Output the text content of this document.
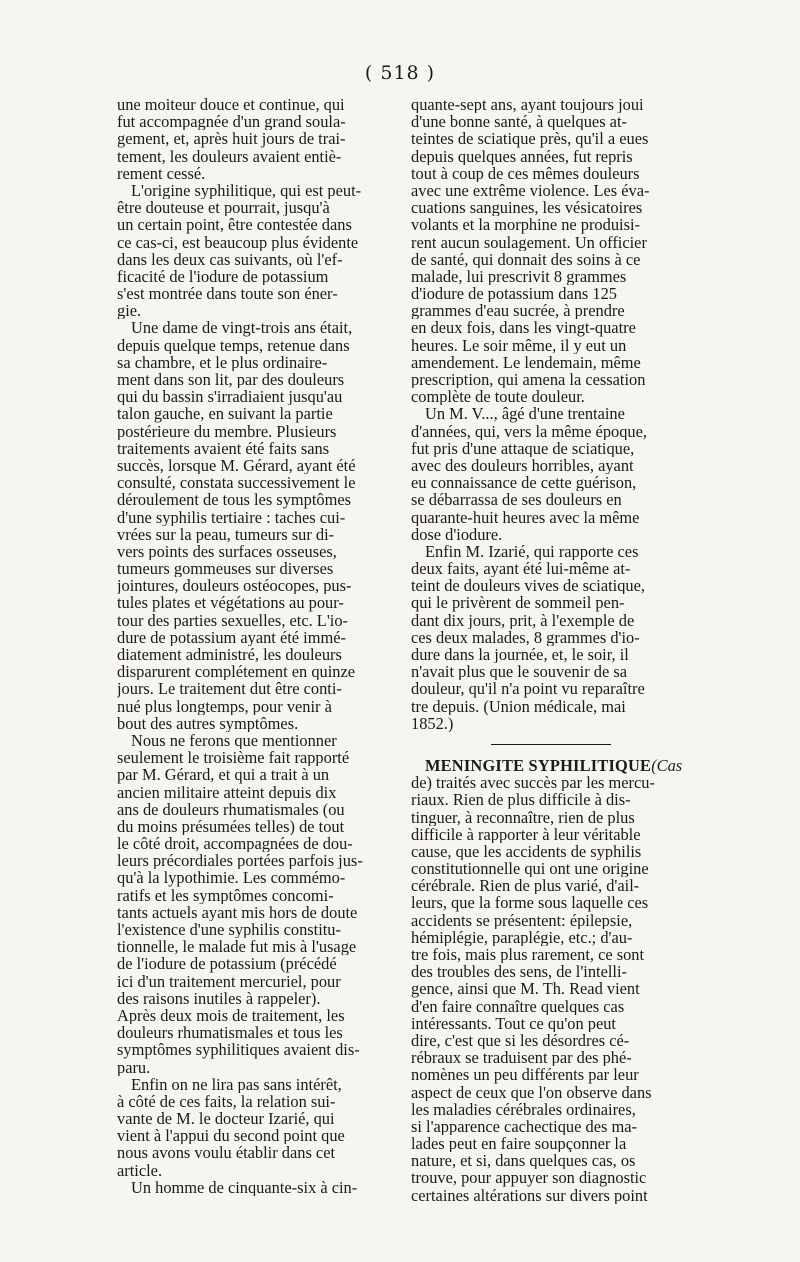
( 518 )
une moiteur douce et continue, qui
fut accompagnée d'un grand soula-
gement, et, après huit jours de trai-
tement, les douleurs avaient entiè-
rement cessé.
L'origine syphilitique, qui est peut-
être douteuse et pourrait, jusqu'à
un certain point, être contestée dans
ce cas-ci, est beaucoup plus évidente
dans les deux cas suivants, où l'ef-
ficacité de l'iodure de potassium
s'est montrée dans toute son éner-
gie.
Une dame de vingt-trois ans était,
depuis quelque temps, retenue dans
sa chambre, et le plus ordinaire-
ment dans son lit, par des douleurs
qui du bassin s'irradiaient jusqu'au
talon gauche, en suivant la partie
postérieure du membre. Plusieurs
traitements avaient été faits sans
succès, lorsque M. Gérard, ayant été
consulté, constata successivement le
déroulement de tous les symptômes
d'une syphilis tertiaire : taches cui-
vrées sur la peau, tumeurs sur di-
vers points des surfaces osseuses,
tumeurs gommeuses sur diverses
jointures, douleurs ostéocopes, pus-
tules plates et végétations au pour-
tour des parties sexuelles, etc. L'io-
dure de potassium ayant été immé-
diatement administré, les douleurs
disparurent complétement en quinze
jours. Le traitement dut être conti-
nué plus longtemps, pour venir à
bout des autres symptômes.
Nous ne ferons que mentionner
seulement le troisième fait rapporté
par M. Gérard, et qui a trait à un
ancien militaire atteint depuis dix
ans de douleurs rhumatismales (ou
du moins présumées telles) de tout
le côté droit, accompagnées de dou-
leurs précordiales portées parfois jus-
qu'à la lypothimie. Les commémo-
ratifs et les symptômes concomi-
tants actuels ayant mis hors de doute
l'existence d'une syphilis constitu-
tionnelle, le malade fut mis à l'usage
de l'iodure de potassium (précédé
ici d'un traitement mercuriel, pour
des raisons inutiles à rappeler).
Après deux mois de traitement, les
douleurs rhumatismales et tous les
symptômes syphilitiques avaient dis-
paru.
Enfin on ne lira pas sans intérêt,
à côté de ces faits, la relation sui-
vante de M. le docteur Izarié, qui
vient à l'appui du second point que
nous avons voulu établir dans cet
article.
Un homme de cinquante-six à cin-
quante-sept ans, ayant toujours joui
d'une bonne santé, à quelques at-
teintes de sciatique près, qu'il a eues
depuis quelques années, fut repris
tout à coup de ces mêmes douleurs
avec une extrême violence. Les éva-
cuations sanguines, les vésicatoires
volants et la morphine ne produisi-
rent aucun soulagement. Un officier
de santé, qui donnait des soins à ce
malade, lui prescrivit 8 grammes
d'iodure de potassium dans 125
grammes d'eau sucrée, à prendre
en deux fois, dans les vingt-quatre
heures. Le soir même, il y eut un
amendement. Le lendemain, même
prescription, qui amena la cessation
complète de toute douleur.
Un M. V..., âgé d'une trentaine
d'années, qui, vers la même époque,
fut pris d'une attaque de sciatique,
avec des douleurs horribles, ayant
eu connaissance de cette guérison,
se débarrassa de ses douleurs en
quarante-huit heures avec la même
dose d'iodure.
Enfin M. Izarié, qui rapporte ces
deux faits, ayant été lui-même at-
teint de douleurs vives de sciatique,
qui le privèrent de sommeil pen-
dant dix jours, prit, à l'exemple de
ces deux malades, 8 grammes d'io-
dure dans la journée, et, le soir, il
n'avait plus que le souvenir de sa
douleur, qu'il n'a point vu reparaître
tre depuis. (Union médicale, mai
1852.)
MENINGITE SYPHILITIQUE(Cas
de) traités avec succès par les mercu-
riaux. Rien de plus difficile à dis-
tinguer, à reconnaître, rien de plus
difficile à rapporter à leur véritable
cause, que les accidents de syphilis
constitutionnelle qui ont une origine
cérébrale. Rien de plus varié, d'ail-
leurs, que la forme sous laquelle ces
accidents se présentent: épilepsie,
hémiplégie, paraplégie, etc.; d'au-
tre fois, mais plus rarement, ce sont
des troubles des sens, de l'intelli-
gence, ainsi que M. Th. Read vient
d'en faire connaître quelques cas
intéressants. Tout ce qu'on peut
dire, c'est que si les désordres cé-
rébraux se traduisent par des phé-
nomènes un peu différents par leur
aspect de ceux que l'on observe dans
les maladies cérébrales ordinaires,
si l'apparence cachectique des ma-
lades peut en faire soupçonner la
nature, et si, dans quelques cas, os
trouve, pour appuyer son diagnostic
certaines altérations sur divers point
